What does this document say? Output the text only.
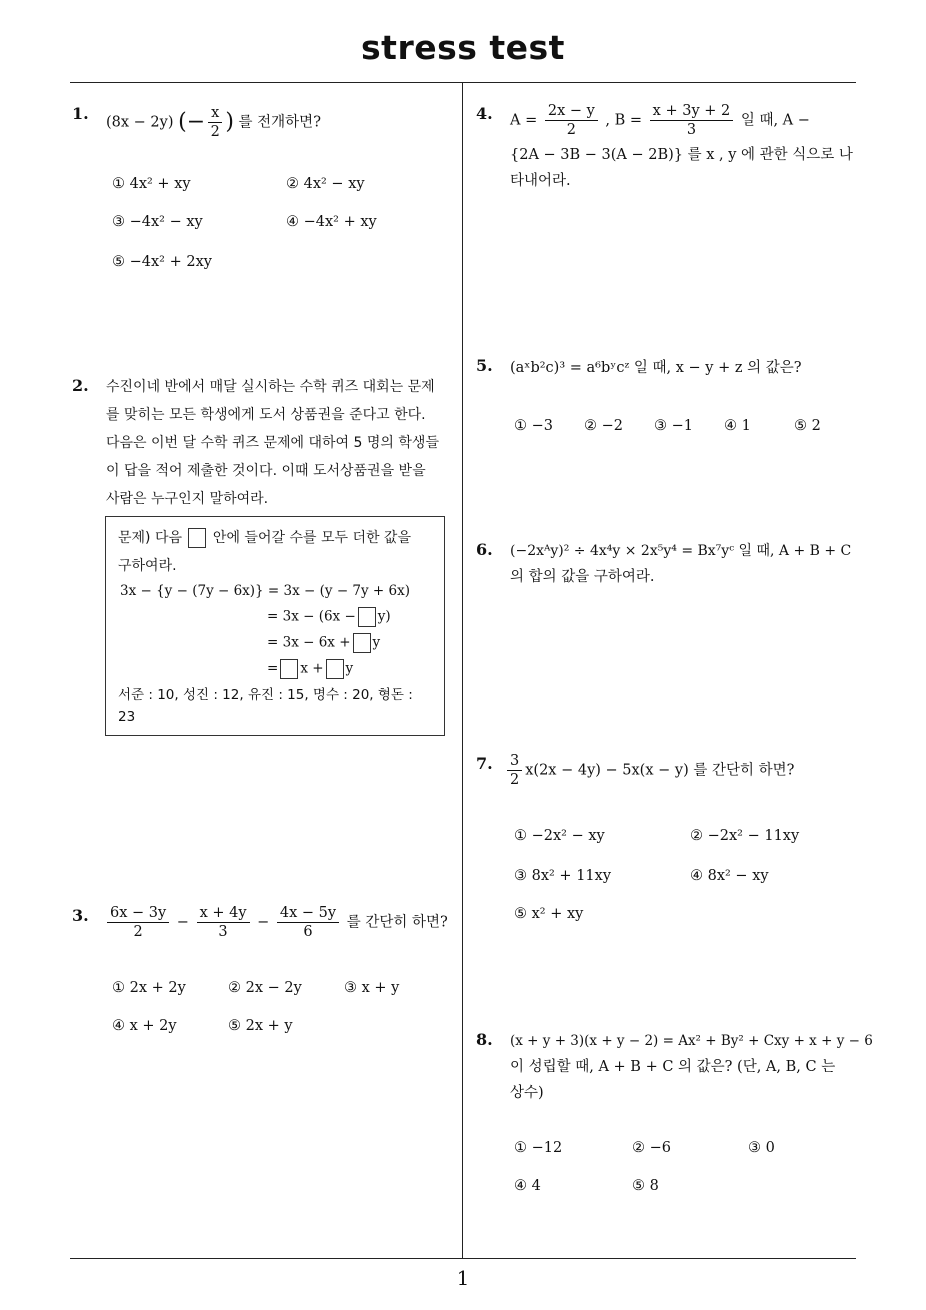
stress test
1
1. (8x − 2y) (− $\frac{x}{2}$ ) 를 전개하면?
① 4x² + xy	② 4x² − xy
③ −4x² − xy	④ −4x² + xy
⑤ −4x² + 2xy
2. 수진이네 반에서 매달 실시하는 수학 퀴즈 대회는 문제
를 맞히는 모든 학생에게 도서 상품권을 준다고 한다.
다음은 이번 달 수학 퀴즈 문제에 대하여 5 명의 학생들
이 답을 적어 제출한 것이다. 이때 도서상품권을 받을
사람은 누구인지 말하여라.
문제) 다음 안에 들어갈 수를 모두 더한 값을
구하여라.
3x − {y − (7y − 6x)} = 3x − (y − 7y + 6x)
= 3x − (6x − y)
= 3x − 6x + y
= x + y
서준 : 10, 성진 : 12, 유진 : 15, 명수 : 20, 형돈 :
23
3. $\frac{6x - 3y}{2} - \frac{x + 4y}{3} - \frac{4x - 5y}{6}$ 를 간단히 하면?
① 2x + 2y	② 2x − 2y	③ x + y
④ x + 2y	⑤ 2x + y
4. $A = \frac{2x - y}{2}$ , $B = \frac{x + 3y + 2}{3}$ 일 때, A −
{2A − 3B − 3(A − 2B)} 를 x , y 에 관한 식으로 나
타내어라.
5. (aˣb²c)³ = a⁶bʸcᶻ 일 때, x − y + z 의 값은?
① −3 ② −2 ③ −1 ④ 1	⑤ 2
6. (−2xᴬy)² ÷ 4x⁴y × 2x⁵y⁴ = Bx⁷yᶜ 일 때, A + B + C
의 합의 값을 구하여라.
7. $\frac{3}{2} x(2x - 4y) - 5x(x - y)$ 를 간단히 하면?
① −2x² − xy	② −2x² − 11xy
③ 8x² + 11xy	④ 8x² − xy
⑤ x² + xy
8. (x + y + 3)(x + y − 2) = Ax² + By² + Cxy + x + y − 6
이 성립할 때, A + B + C 의 값은? (단, A, B, C 는
상수)
① −12	② −6	③ 0
④ 4	⑤ 8
